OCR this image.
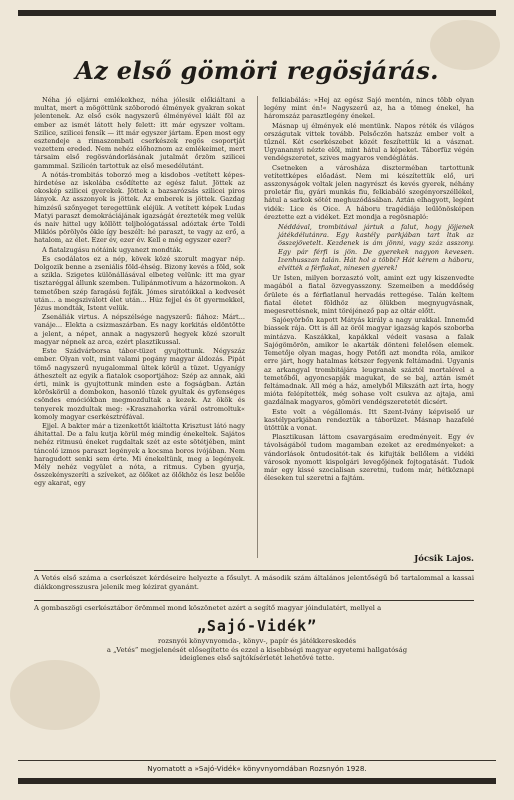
Az első gömöri regösjárás.

Néha jó eljárni emlékekhez, néha jólesik előkiáltani a multat, mert a mögöttünk szöborodó élmények gyakran sokat jelentenek. Az első csók nagyszerű élményével kiált föl az ember az ismét látott hely felett: itt már egyszer voltam. Szilice, szilicei fensík — itt már egyszer jártam. Épen most egy esztendeje a rimaszombati cserkészek regös csoportját vezettem ereded. Nem nehéz előhoznom az emlékeimet, mert társaim első regösvándorlásának jutalmát őrzöm szilicei gammmal. Szilicén tartottuk az első mesedélutánt.

A nótás-trombitás toborzó meg a kisdobos -vetített képes- hirdetése az iskolába csődítette az egész falut. Jöttek az okoskép szilicei gyerekek. Jöttek a bazsarózsás szilicei piros lányok. Az asszonyok is jöttek. Az emberek is jöttek. Gazdag himzésű szőnyeget teregettünk eléjük. A vetített képek Ludas Matyi paraszt demokráciájának igazságát érezteték meg velük és naiv hittel ugy köllött teljbológatással adóztak érte Toldi Miklós pörölyös ökle így beszélt: hé paraszt, te vagy az erő, a hatalom, az élet. Ezer év, ezer év. Kell e még egyszer ezer?

A fiatalzugásu nótáink ugyanezt mondták.

Es csodálatos ez a nép, kövek közé szorult magyar nép. Dolgozik benne a zseniális föld-éhség. Bizony kevés a föld, sok a szikla. Szigetes különállásával elbeteg velünk: itt ma gyar tisztaréggal állunk szemben. Tulipánmotívum a házormokon. A temetőben szép faragású fejfák. Jómes siratóikkal a kedvesét után... a megsziválott élet után... Húz fejjel és öt gyermekkel, Jézus mondták, Istent velük.

Zsenáliák virtus. A népszélsége nagyszerű: fiához: Márt... vanáje... Elekta a csizmaszárban. Es nagy korkitás eldöntötte a jelent, a népet, annak a nagyszerű hegyek közé szorult magyar népnek az arca, ezért plasztikussal.

Este Szádvárborsa tábor-tüzet gyujtottunk. Négyszáz ember. Olyan volt, mint valami pogány magyar áldozás. Pipát tömő nagyszerű nyugalommal ültek körül a tüzet. Ugyanígy áthesztelt az egyik a fiatalok csoportjához: Szép az annak, aki érti, mink is gyujtottunk minden este a fogságban. Aztán köröskörül a dombokon, hasonló tüzek gyultak és gyfenséges csöndes emóciókban megmozdultak a kezek. Az ökök és tenyerek mozdultak meg: »Krasznahorka várál ostromoltuk« komoly magyar cserkésztréfával.

Ejjel. A bakter már a tizenkettőt kiáltotta Krisztust látó nagy áhitattal. De a falu kutja körül még mindig énekeltek. Sajátos nehéz ritmusú éneket rugdaltak szét az este sötétjében, mint táncoló izmos paraszt legények a kocsma boros ivójában. Nem haragudott senki sem érte. Mi énekeltünk, meg a legények. Mély nehéz vegyület a nóta, a ritmus. Cyben gyurja, összekényszeríti a szíveket, az ölőket az ölőkhöz és lesz belőle egy akarat, egy

felkiabálás: »Hej az egész Sajó mentén, nincs több olyan legény mint én!« Nagyszerű az, ha a tömeg énekel, ha háromszáz parasztlegény énekel.

Másnap uj élmények elé mentünk. Napos réték és világos országutak vittek tovább. Pelsőczön hatszáz ember volt a tűznél. Két cserkészebet közét feszítettük ki a vásznat. Ugyanannyi nézte elől, mint hátul a képeket. Táborfüz végén vendégszeretet, szives magyaros vendéglátás.

Csetneken a városháza diszterméban tartottunk vetítettképes előadást. Nem mi készítettük elő, uri asszonyságok voltak jelen nagyrészt és kevés gyerek, néhány proletár fiu, gyári munkás fiu, felkiabáló szegényorszéllékel, hátul a sarkok sötét meghuzódásában. Aztán elhagyott, legént vidék: Lice és Oice. A háboru tragédiája leűlönösképen éreztette ezt a vidéket. Ezt mondja a regösnapló:

Néddával, trombitával jártuk a falut, hogy jöjjenek játékdélutánra. Egy kastély parkjában tart ltak az összejövetelt. Kezdenek is ám jönni, vagy száz asszony. Egy pár férfi is jön. De gyerekek nagyon kevesen. Izenhusszan talán. Hát hol a többi? Hát kérem a háboru, elvitték a férfiakat, ninesen gyerek!

Ur Isten, milyen borzasztó volt, amint ezt ugy kiszenvedte magából a fiatal özvegyasszony. Szemeiben a meddőség őrülete és a férfiatlanul hervadás rettegése. Talán keltem fiatal életet földhöz az ölükben megnyugvásnak, megesrettésnek, mint töréjénező pap az oltár előtt.

Sajóeyörbőn kapott Mátyás király a nagy urakkal. Innemőd biassek rája. Ott is áll az öröl magyar igazság kapós szoborba mintázva. Kaszákkal, kapákkal védeit vasasa a falak Sajógömörön, amikor le akarták dönteni felelősen elemek. Temetője olyan magas, hogy Petőfi azt mondta róla, amikor erre járt, hogy hatalmas kétszer fegyenk feltámadni. Ugyanis az arkangyal trombitájára leugranak száztól mortalével a temetőből, agyoncsapják magukat, de se baj, aztán ismét feltámadnak. All még a ház, amelyből Mikszáth azt írta, hogy mióta felépítették, még sohase volt csukva az ajtaja, ami gazdálnak magyaros, gömöri vendégszeretetét dicsért.

Este volt a végállomás. Itt Szent-Ivány képviselő ur kastélyparkjában rendeztük a táborüzet. Másnap hazafelé ütöttük a vonat.

Plasztikusan láttom csavargásaim eredményeit. Egy év távolságából tudom magamban ezeket az eredményeket: a vándorlások öntudositót-tak és kifujták bellőlem a vidéki városok nyomott kispolgári levegőjének fojtogatását. Tudok már egy kissé szocialisan szeretni, tudom már, hétköznapi éleseken tul szeretni a fajtám.

Jócsik Lajos.
A Vetés első száma a cserkészet kérdéseire helyezte a fősulyt. A második szám általános jelentőségű bő tartalommal a kassai diákkongresszusra jelenik meg kézirat gyanánt.
A gombaszögi cserkésztábor örömmel mond köszönetet azért a segítő magyar jóindulatért, mellyel a
„Sajó-Vidék”
rozsnyói könyvnyomda-, könyv-, papír és játékkereskedés
a „Vetés” megjelenését elősegítette és ezzel a kisebbségi magyar egyetemi hallgatóság
ideiglenes első sajtókísérletét lehetővé tette.
Nyomatott a »Sajó-Vidék« könyvnyomdában Rozsnyón 1928.
